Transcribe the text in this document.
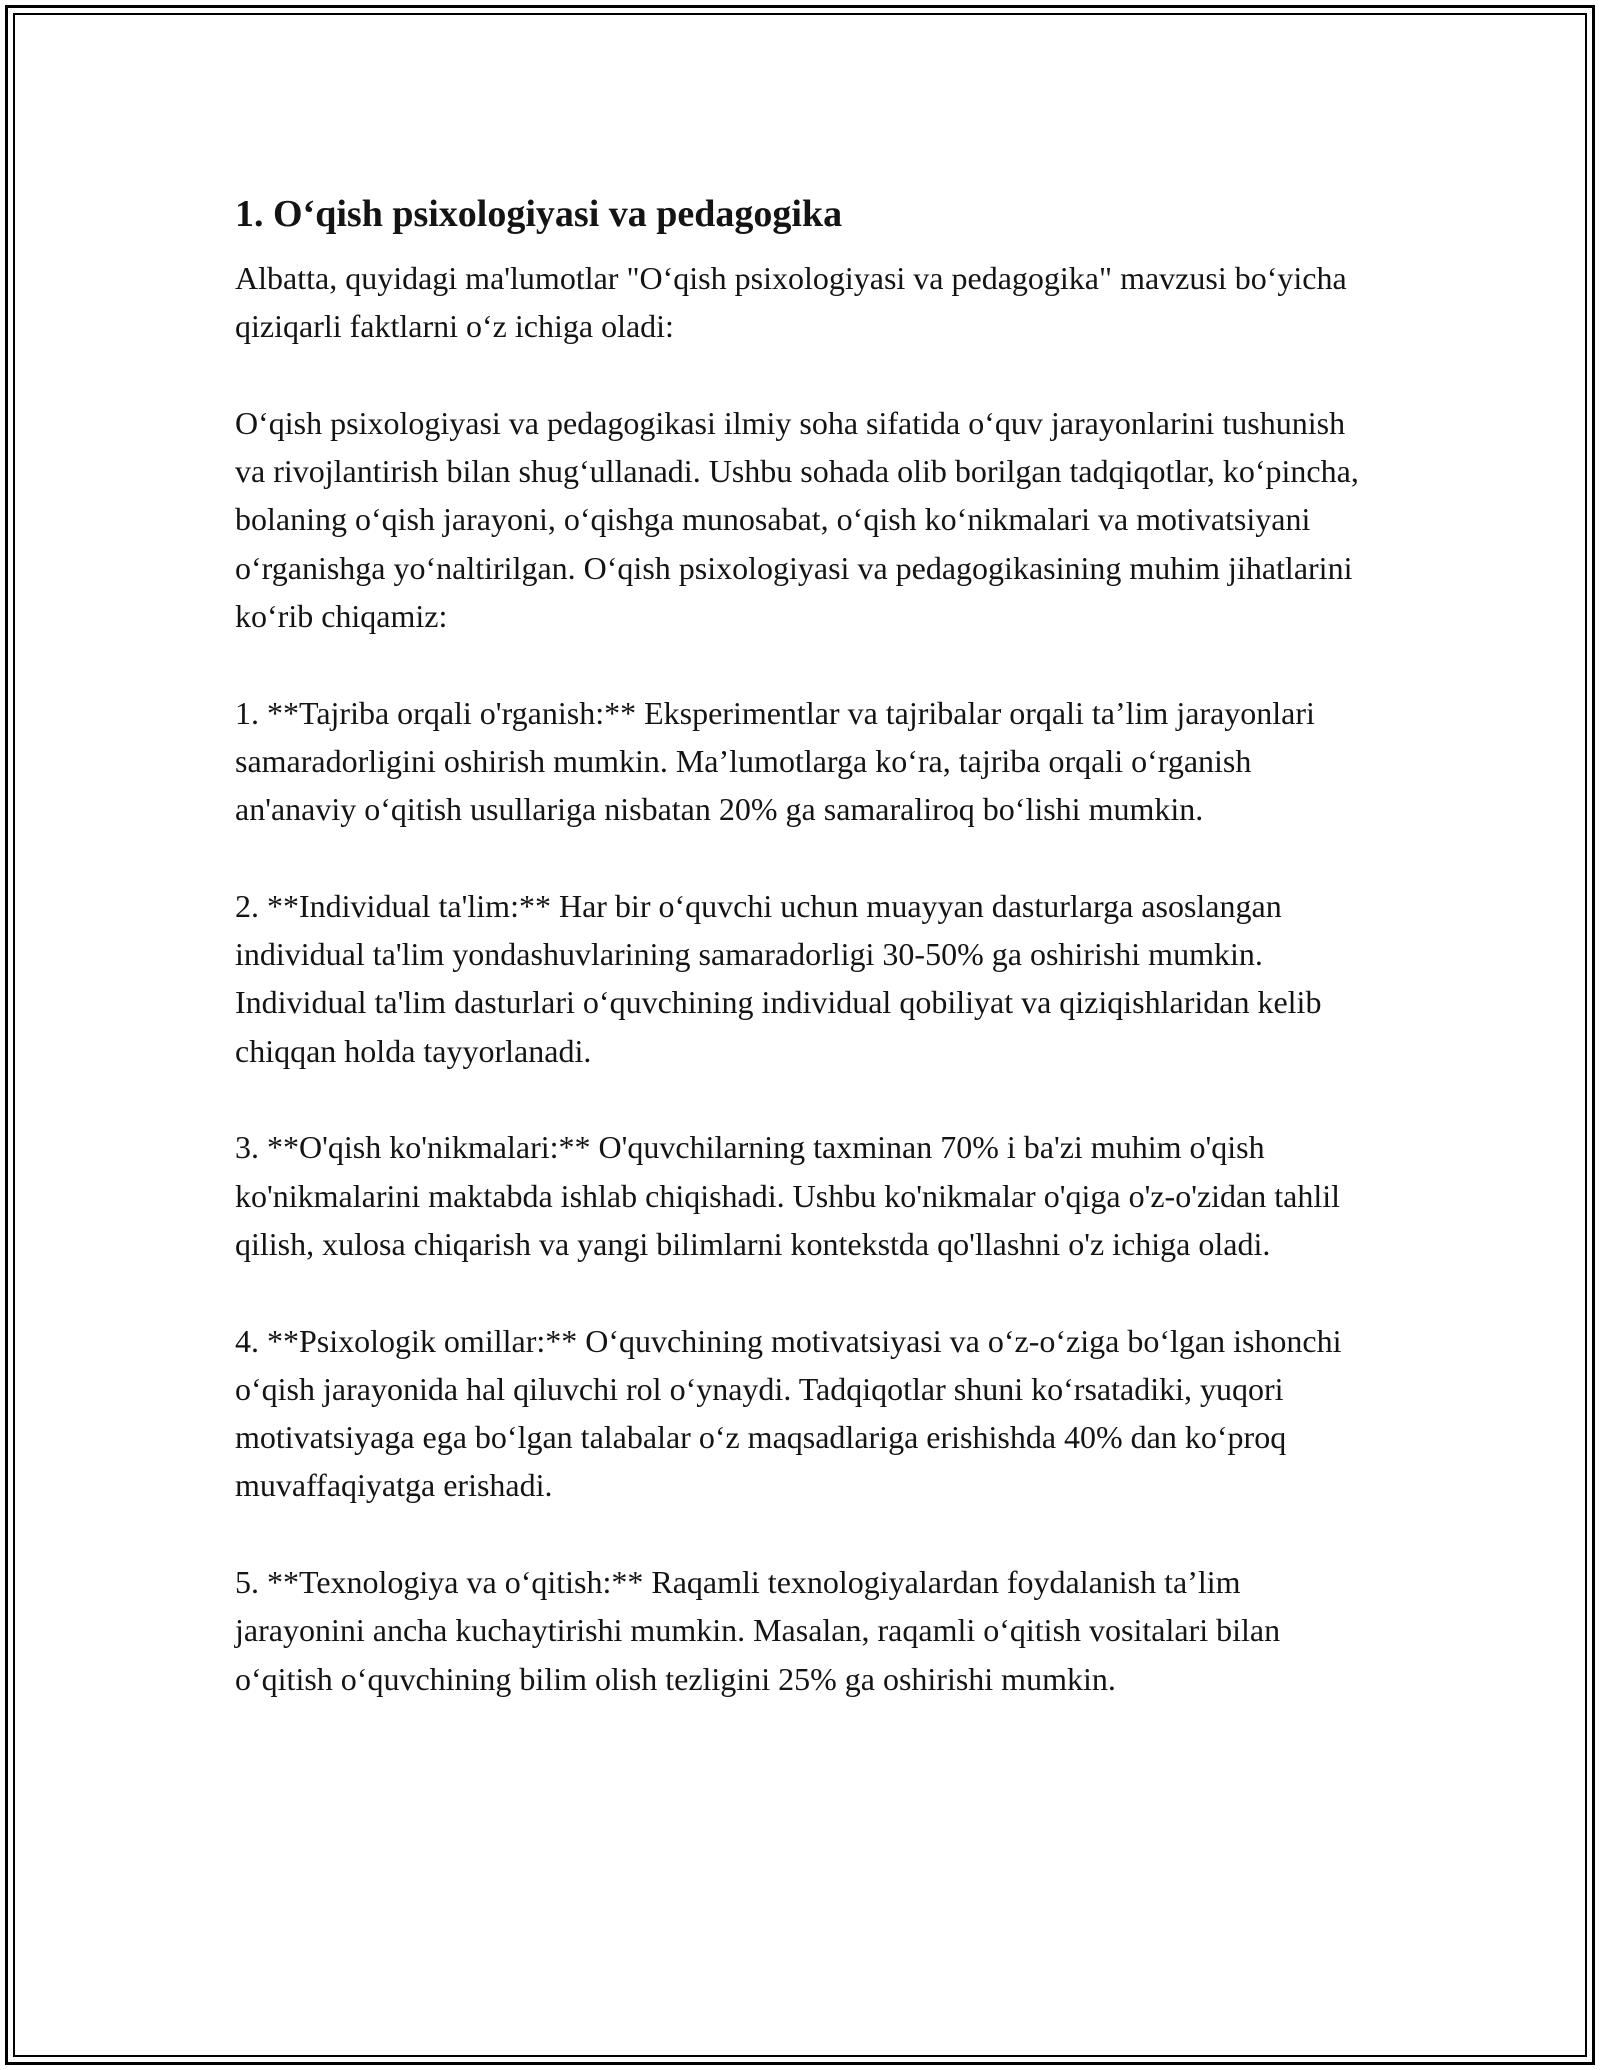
1. Oʻqish psixologiyasi va pedagogika

Albatta, quyidagi ma'lumotlar "Oʻqish psixologiyasi va pedagogika" mavzusi boʻyicha qiziqarli faktlarni oʻz ichiga oladi:

Oʻqish psixologiyasi va pedagogikasi ilmiy soha sifatida oʻquv jarayonlarini tushunish va rivojlantirish bilan shugʻullanadi. Ushbu sohada olib borilgan tadqiqotlar, koʻpincha, bolaning oʻqish jarayoni, oʻqishga munosabat, oʻqish koʻnikmalari va motivatsiyani oʻrganishga yoʻnaltirilgan. Oʻqish psixologiyasi va pedagogikasining muhim jihatlarini koʻrib chiqamiz:

1. **Tajriba orqali o'rganish:** Eksperimentlar va tajribalar orqali taʼlim jarayonlari samaradorligini oshirish mumkin. Maʼlumotlarga koʻra, tajriba orqali oʻrganish an'anaviy oʻqitish usullariga nisbatan 20% ga samaraliroq boʻlishi mumkin.

2. **Individual ta'lim:** Har bir oʻquvchi uchun muayyan dasturlarga asoslangan individual ta'lim yondashuvlarining samaradorligi 30-50% ga oshirishi mumkin. Individual ta'lim dasturlari oʻquvchining individual qobiliyat va qiziqishlaridan kelib chiqqan holda tayyorlanadi.

3. **O'qish ko'nikmalari:** O'quvchilarning taxminan 70% i ba'zi muhim o'qish ko'nikmalarini maktabda ishlab chiqishadi. Ushbu ko'nikmalar o'qiga o'z-o'zidan tahlil qilish, xulosa chiqarish va yangi bilimlarni kontekstda qo'llashni o'z ichiga oladi.

4. **Psixologik omillar:** Oʻquvchining motivatsiyasi va oʻz-oʻziga boʻlgan ishonchi oʻqish jarayonida hal qiluvchi rol oʻynaydi. Tadqiqotlar shuni koʻrsatadiki, yuqori motivatsiyaga ega boʻlgan talabalar oʻz maqsadlariga erishishda 40% dan koʻproq muvaffaqiyatga erishadi.

5. **Texnologiya va oʻqitish:** Raqamli texnologiyalardan foydalanish taʼlim jarayonini ancha kuchaytirishi mumkin. Masalan, raqamli oʻqitish vositalari bilan oʻqitish oʻquvchining bilim olish tezligini 25% ga oshirishi mumkin.
